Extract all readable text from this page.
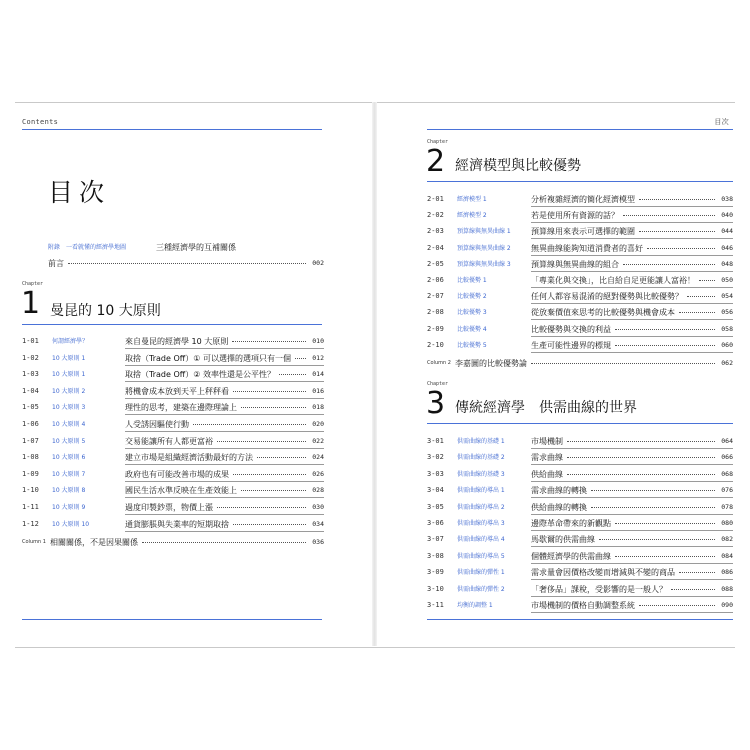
Contents
目次
附錄　一看就懂的經濟學地圖	三種經濟學的互補關係
前言	002
Chapter
1 曼昆的 10 大原則
1-01 何謂經濟學？	來自曼昆的經濟學 10 大原則	010
1-02 10 大原則 1	取捨（Trade Off）① 可以選擇的選項只有一個	012
1-03 10 大原則 1	取捨（Trade Off）② 效率性還是公平性？	014
1-04 10 大原則 2	將機會成本放到天平上秤秤看	016
1-05 10 大原則 3	理性的思考，建築在邊際理論上	018
1-06 10 大原則 4	人受誘因驅使行動	020
1-07 10 大原則 5	交易能讓所有人都更富裕	022
1-08 10 大原則 6	建立市場是組織經濟活動最好的方法	024
1-09 10 大原則 7	政府也有可能改善市場的成果	026
1-10 10 大原則 8	國民生活水準反映在生產效能上	028
1-11 10 大原則 9	過度印製鈔票，物價上漲	030
1-12 10 大原則 10	通貨膨脹與失業率的短期取捨	034
Column 1 相關關係，不是因果關係	036
目次
Chapter
2 經濟模型與比較優勢
2-01 經濟模型 1	分析複雜經濟的簡化經濟模型	038
2-02 經濟模型 2	若是使用所有資源的話？	040
2-03 預算線與無異曲線 1	預算線用來表示可選擇的範圍	044
2-04 預算線與無異曲線 2	無異曲線能夠知道消費者的喜好	046
2-05 預算線與無異曲線 3	預算線與無異曲線的組合	048
2-06 比較優勢 1	「專業化與交換」，比自給自足更能讓人富裕！	050
2-07 比較優勢 2	任何人都容易混淆的絕對優勢與比較優勢？	054
2-08 比較優勢 3	從放棄價值來思考的比較優勢與機會成本	056
2-09 比較優勢 4	比較優勢與交換的利益	058
2-10 比較優勢 5	生產可能性邊界的標規	060
Column 2 李嘉圖的比較優勢論	062
Chapter
3 傳統經濟學　供需曲線的世界
3-01 供需曲線的基礎 1	市場機制	064
3-02 供需曲線的基礎 2	需求曲線	066
3-03 供需曲線的基礎 3	供給曲線	068
3-04 供需曲線的導出 1	需求曲線的轉換	076
3-05 供需曲線的導出 2	供給曲線的轉換	078
3-06 供需曲線的導出 3	邊際革命帶來的新觀點	080
3-07 供需曲線的導出 4	馬歇爾的供需曲線	082
3-08 供需曲線的導出 5	個體經濟學的供需曲線	084
3-09 供需曲線的彈性 1	需求量會因價格改變而增減與不變的商品	086
3-10 供需曲線的彈性 2	「奢侈品」課稅，受影響的是一般人？	088
3-11 均衡的調整 1	市場機制的價格自動調整系統	090
